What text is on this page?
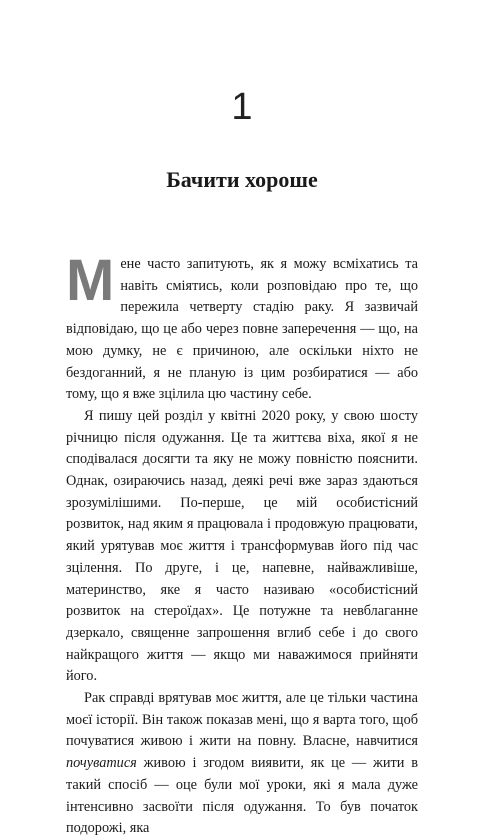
1
Бачити хороше

Мене часто запитують, як я можу всміхатись та навіть сміятись, коли розповідаю про те, що пережила четверту стадію раку. Я зазвичай відповідаю, що це або через повне заперечення — що, на мою думку, не є причиною, але оскільки ніхто не бездоганний, я не планую із цим розбиратися — або тому, що я вже зцілила цю частину себе.

Я пишу цей розділ у квітні 2020 року, у свою шосту річницю після одужання. Це та життєва віха, якої я не сподівалася досягти та яку не можу повністю пояснити. Однак, озираючись назад, деякі речі вже зараз здаються зрозумілішими. По-перше, це мій особистісний розвиток, над яким я працювала і продовжую працювати, який урятував моє життя і трансформував його під час зцілення. По друге, і це, напевне, найважливіше, материнство, яке я часто називаю «особистісний розвиток на стероїдах». Це потужне та невблаганне дзеркало, священне запрошення вглиб себе і до свого найкращого життя — якщо ми наважимося прийняти його.

Рак справді врятував моє життя, але це тільки частина моєї історії. Він також показав мені, що я варта того, щоб почуватися живою і жити на повну. Власне, навчитися почуватися живою і згодом виявити, як це — жити в такий спосіб — оце були мої уроки, які я мала дуже інтенсивно засвоїти після одужання. То був початок подорожі, яка
